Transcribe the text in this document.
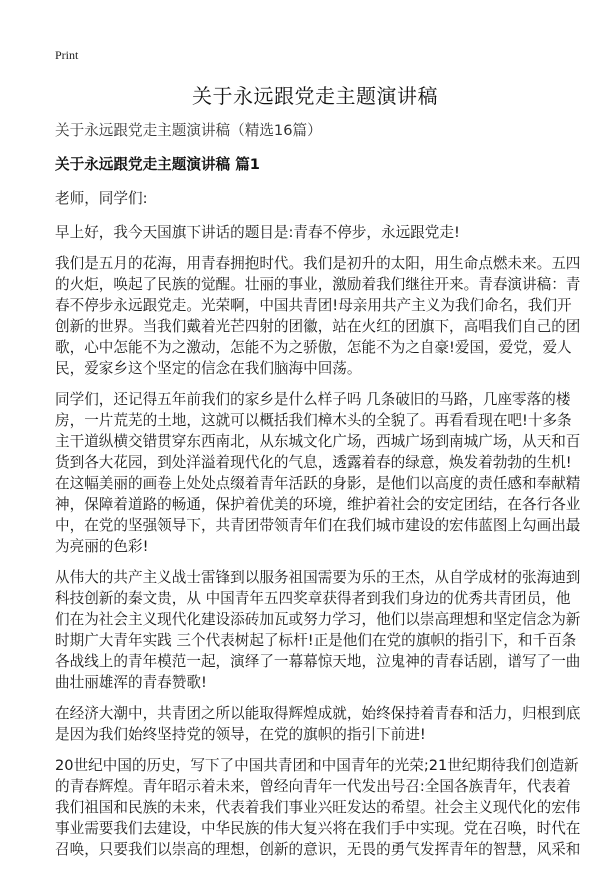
Print
关于永远跟党走主题演讲稿

关于永远跟党走主题演讲稿（精选16篇）

关于永远跟党走主题演讲稿 篇1

老师，同学们:

早上好，我今天国旗下讲话的题目是:青春不停步，永远跟党走!

我们是五月的花海，用青春拥抱时代。我们是初升的太阳，用生命点燃未来。五四
的火炬，唤起了民族的觉醒。壮丽的事业，激励着我们继往开来。青春演讲稿：青
春不停步永远跟党走。光荣啊，中国共青团!母亲用共产主义为我们命名，我们开
创新的世界。当我们戴着光芒四射的团徽，站在火红的团旗下，高唱我们自己的团
歌，心中怎能不为之激动，怎能不为之骄傲，怎能不为之自豪!爱国，爱党，爱人
民，爱家乡这个坚定的信念在我们脑海中回荡。

同学们，还记得五年前我们的家乡是什么样子吗 几条破旧的马路，几座零落的楼
房，一片荒芜的土地，这就可以概括我们樟木头的全貌了。再看看现在吧!十多条
主干道纵横交错贯穿东西南北，从东城文化广场，西城广场到南城广场，从天和百
货到各大花园，到处洋溢着现代化的气息，透露着春的绿意，焕发着勃勃的生机!
在这幅美丽的画卷上处处点缀着青年活跃的身影，是他们以高度的责任感和奉献精
神，保障着道路的畅通，保护着优美的环境，维护着社会的安定团结，在各行各业
中，在党的坚强领导下，共青团带领青年们在我们城市建设的宏伟蓝图上勾画出最
为亮丽的色彩!

从伟大的共产主义战士雷锋到以服务祖国需要为乐的王杰，从自学成材的张海迪到
科技创新的秦文贵，从 中国青年五四奖章获得者到我们身边的优秀共青团员，他
们在为社会主义现代化建设添砖加瓦或努力学习，他们以崇高理想和坚定信念为新
时期广大青年实践 三个代表树起了标杆!正是他们在党的旗帜的指引下，和千百条
各战线上的青年模范一起，演绎了一幕幕惊天地，泣鬼神的青春话剧，谱写了一曲
曲壮丽雄浑的青春赞歌!

在经济大潮中，共青团之所以能取得辉煌成就，始终保持着青春和活力，归根到底
是因为我们始终坚持党的领导，在党的旗帜的指引下前进!

20世纪中国的历史，写下了中国共青团和中国青年的光荣;21世纪期待我们创造新
的青春辉煌。青年昭示着未来，曾经向青年一代发出号召:全国各族青年，代表着
我们祖国和民族的未来，代表着我们事业兴旺发达的希望。社会主义现代化的宏伟
事业需要我们去建设，中华民族的伟大复兴将在我们手中实现。党在召唤，时代在
召唤，只要我们以崇高的理想，创新的意识，无畏的勇气发挥青年的智慧，风采和
